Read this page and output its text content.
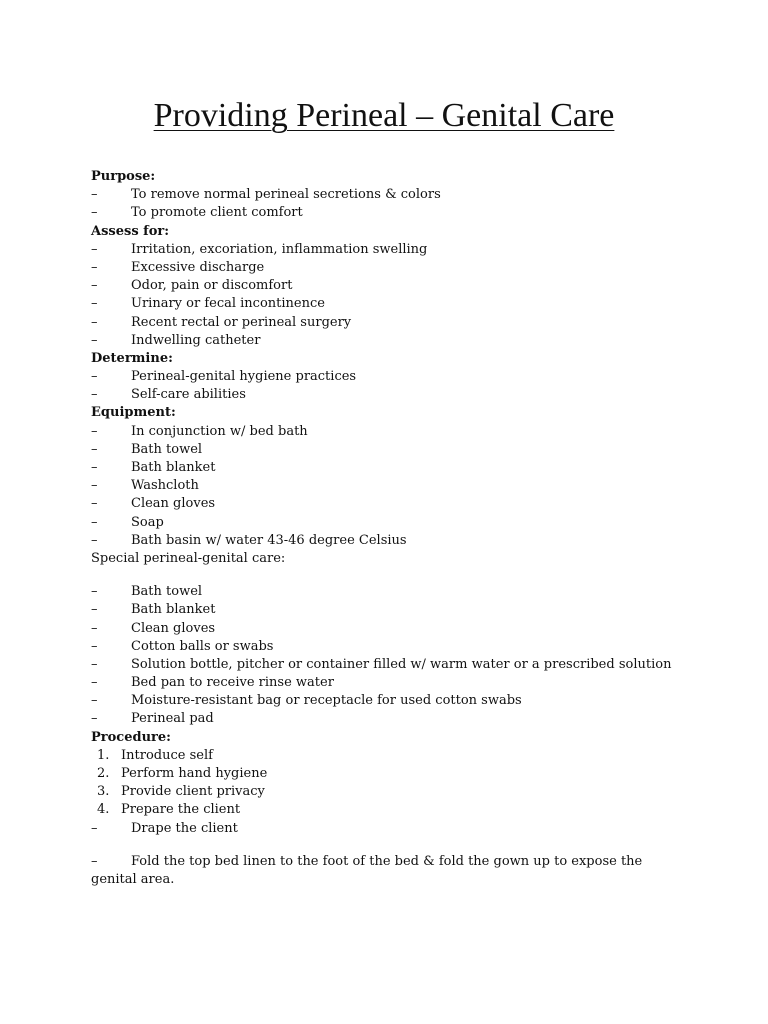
Providing Perineal – Genital Care
Purpose:
–	To remove normal perineal secretions & colors
–	To promote client comfort
Assess for:
–	Irritation, excoriation, inflammation swelling
–	Excessive discharge
–	Odor, pain or discomfort
–	Urinary or fecal incontinence
–	Recent rectal or perineal surgery
–	Indwelling catheter
Determine:
–	Perineal-genital hygiene practices
–	Self-care abilities
Equipment:
–	In conjunction w/ bed bath
–	Bath towel
–	Bath blanket
–	Washcloth
–	Clean gloves
–	Soap
–	Bath basin w/ water 43-46 degree Celsius
Special perineal-genital care:
–	Bath towel
–	Bath blanket
–	Clean gloves
–	Cotton balls or swabs
–	Solution bottle, pitcher or container filled w/ warm water or a prescribed solution
–	Bed pan to receive rinse water
–	Moisture-resistant bag or receptacle for used cotton swabs
–	Perineal pad
Procedure:
1. Introduce self
2. Perform hand hygiene
3. Provide client privacy
4. Prepare the client
–	Drape the client
–	Fold the top bed linen to the foot of the bed & fold the gown up to expose the genital area.
